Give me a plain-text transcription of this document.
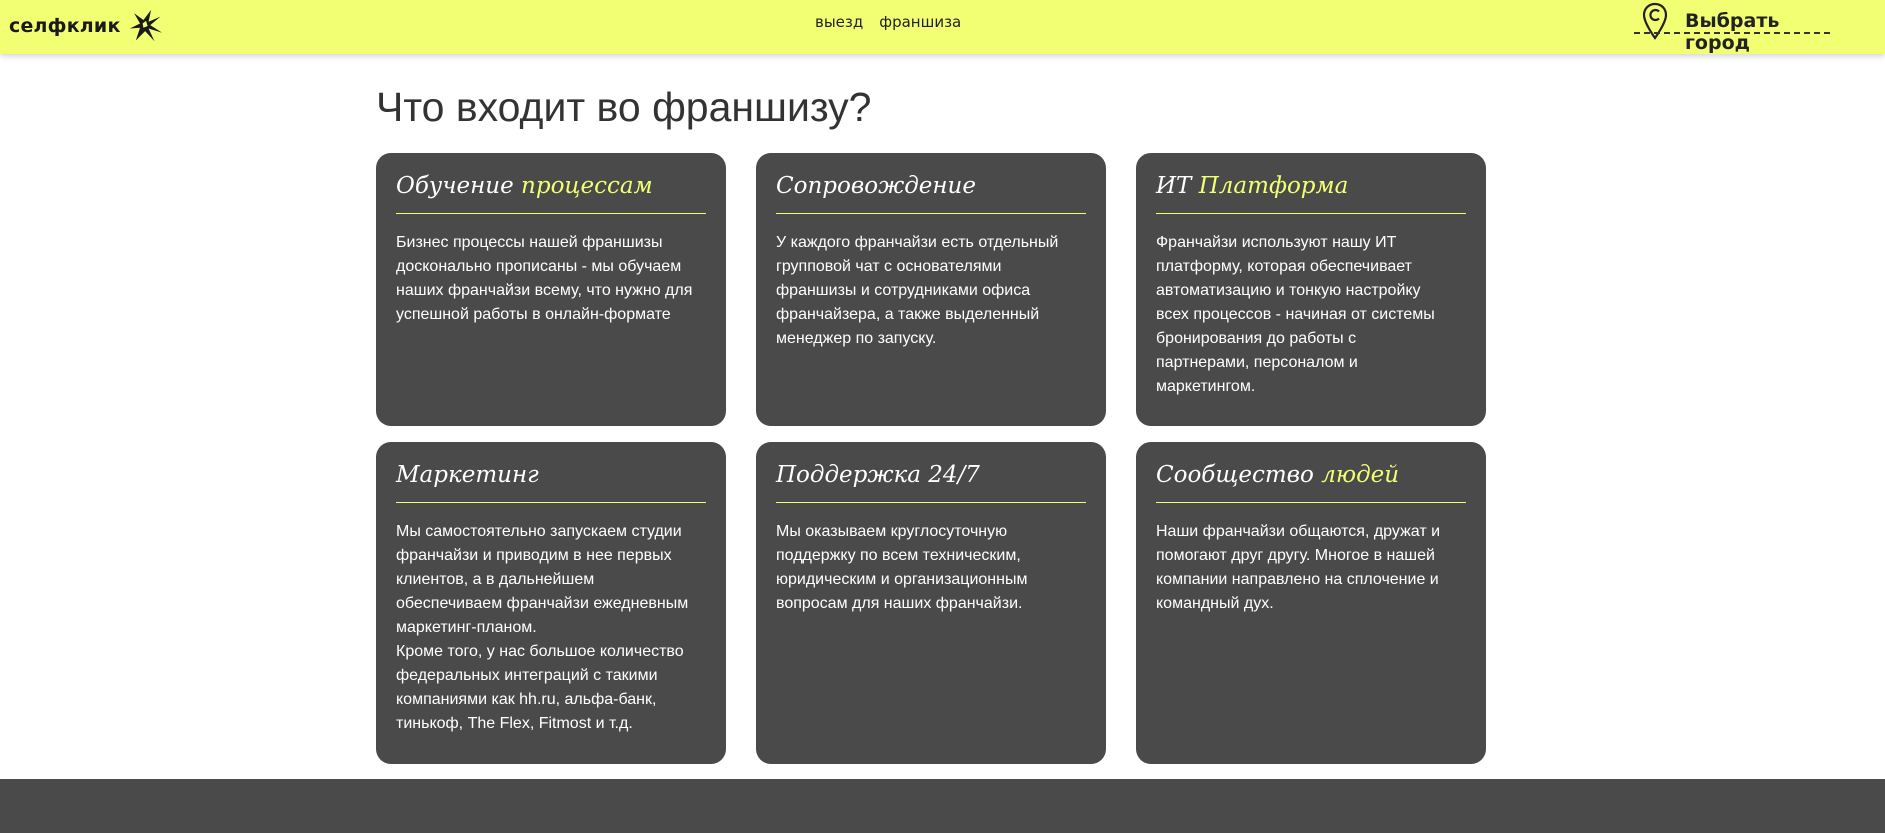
селфклик	выезд франшиза	Выбрать город
Что входит во франшизу?
Обучение процессам
Бизнес процессы нашей франшизы
досконально прописаны - мы обучаем
наших франчайзи всему, что нужно для
успешной работы в онлайн-формате
Сопровождение
У каждого франчайзи есть отдельный
групповой чат с основателями
франшизы и сотрудниками офиса
франчайзера, а также выделенный
менеджер по запуску.
ИТ Платформа
Франчайзи используют нашу ИТ
платформу, которая обеспечивает
автоматизацию и тонкую настройку
всех процессов - начиная от системы
бронирования до работы с
партнерами, персоналом и
маркетингом.
Маркетинг
Мы самостоятельно запускаем студии
франчайзи и приводим в нее первых
клиентов, а в дальнейшем
обеспечиваем франчайзи ежедневным
маркетинг-планом.
Кроме того, у нас большое количество
федеральных интеграций с такими
компаниями как hh.ru, альфа-банк,
тинькоф, The Flex, Fitmost и т.д.
Поддержка 24/7
Мы оказываем круглосуточную
поддержку по всем техническим,
юридическим и организационным
вопросам для наших франчайзи.
Сообщество людей
Наши франчайзи общаются, дружат и
помогают друг другу. Многое в нашей
компании направлено на сплочение и
командный дух.
